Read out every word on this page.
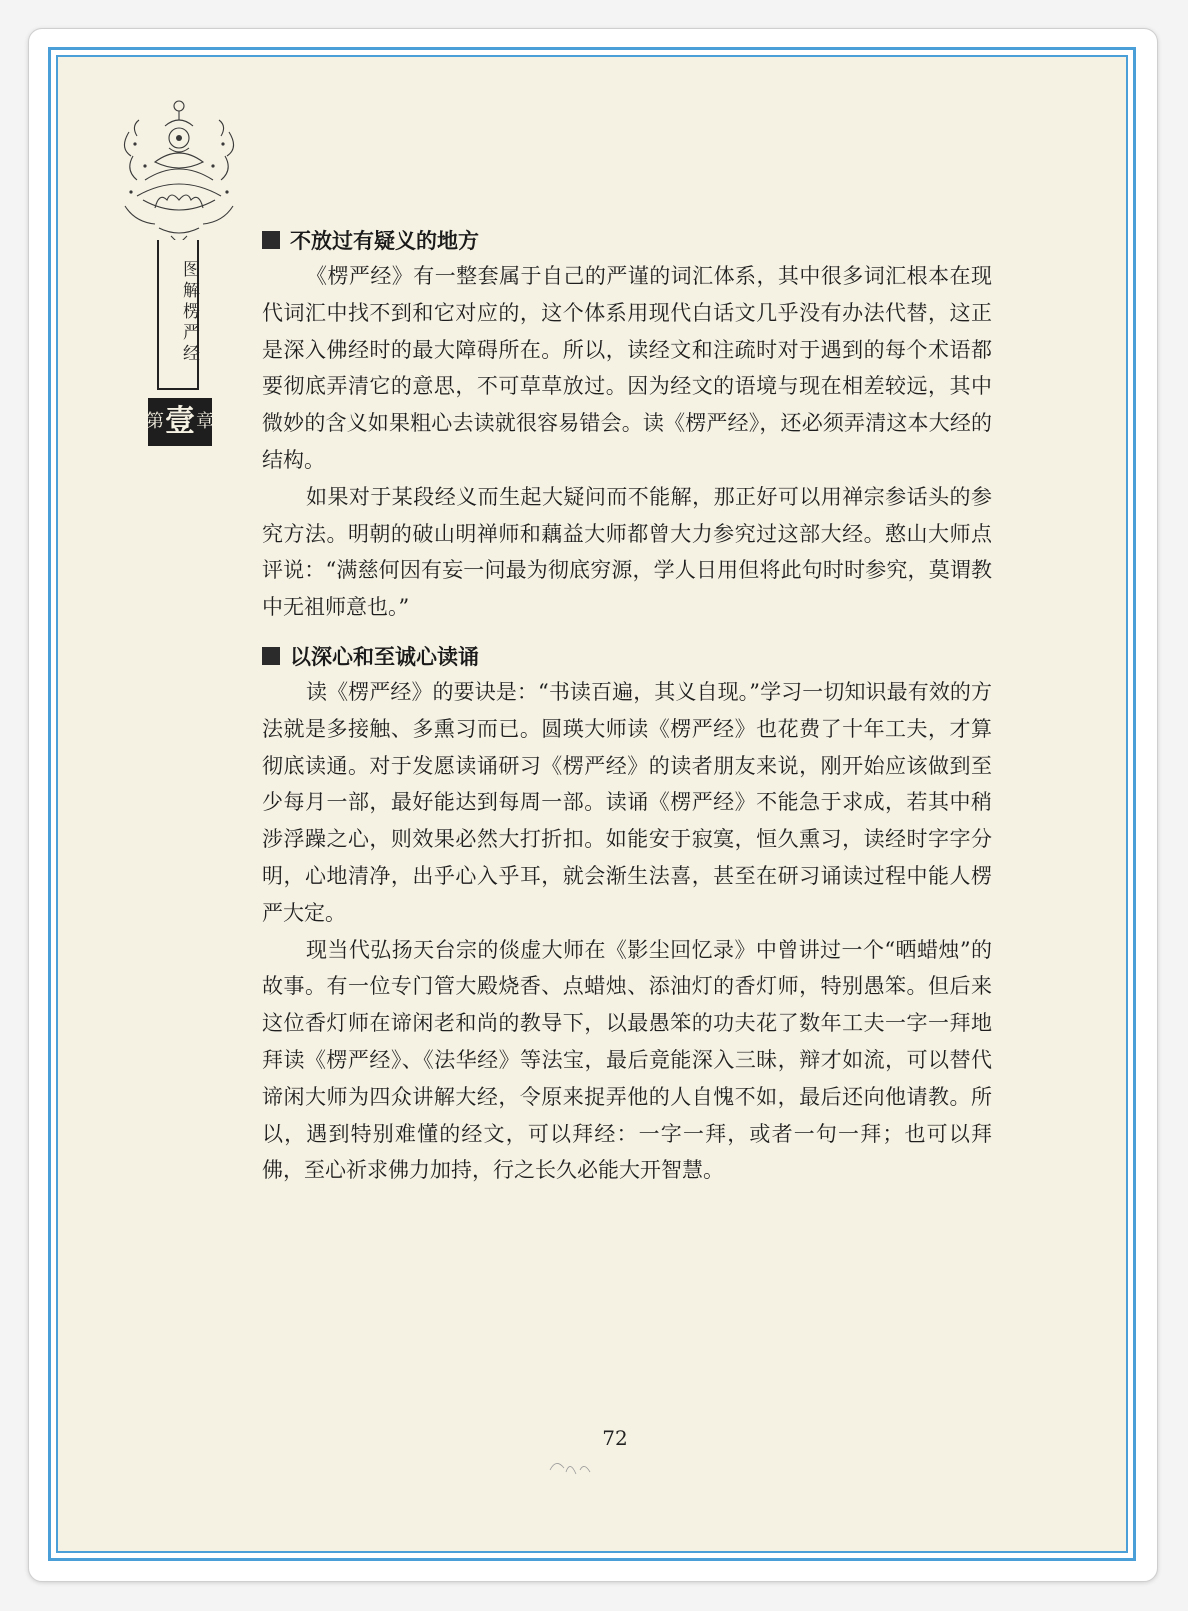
图解楞严经
第 壹 章
不放过有疑义的地方

《楞严经》有一整套属于自己的严谨的词汇体系，其中很多词汇根本在现代词汇中找不到和它对应的，这个体系用现代白话文几乎没有办法代替，这正是深入佛经时的最大障碍所在。所以，读经文和注疏时对于遇到的每个术语都要彻底弄清它的意思，不可草草放过。因为经文的语境与现在相差较远，其中微妙的含义如果粗心去读就很容易错会。读《楞严经》，还必须弄清这本大经的结构。

如果对于某段经义而生起大疑问而不能解，那正好可以用禅宗参话头的参究方法。明朝的破山明禅师和藕益大师都曾大力参究过这部大经。憨山大师点评说：“满慈何因有妄一问最为彻底穷源，学人日用但将此句时时参究，莫谓教中无祖师意也。”

以深心和至诚心读诵

读《楞严经》的要诀是：“书读百遍，其义自现。”学习一切知识最有效的方法就是多接触、多熏习而已。圆瑛大师读《楞严经》也花费了十年工夫，才算彻底读通。对于发愿读诵研习《楞严经》的读者朋友来说，刚开始应该做到至少每月一部，最好能达到每周一部。读诵《楞严经》不能急于求成，若其中稍涉浮躁之心，则效果必然大打折扣。如能安于寂寞，恒久熏习，读经时字字分明，心地清净，出乎心入乎耳，就会渐生法喜，甚至在研习诵读过程中能人楞严大定。

现当代弘扬天台宗的倓虚大师在《影尘回忆录》中曾讲过一个“晒蜡烛”的故事。有一位专门管大殿烧香、点蜡烛、添油灯的香灯师，特别愚笨。但后来这位香灯师在谛闲老和尚的教导下，以最愚笨的功夫花了数年工夫一字一拜地拜读《楞严经》、《法华经》等法宝，最后竟能深入三昧，辩才如流，可以替代谛闲大师为四众讲解大经，令原来捉弄他的人自愧不如，最后还向他请教。所以，遇到特别难懂的经文，可以拜经：一字一拜，或者一句一拜；也可以拜佛，至心祈求佛力加持，行之长久必能大开智慧。

72
